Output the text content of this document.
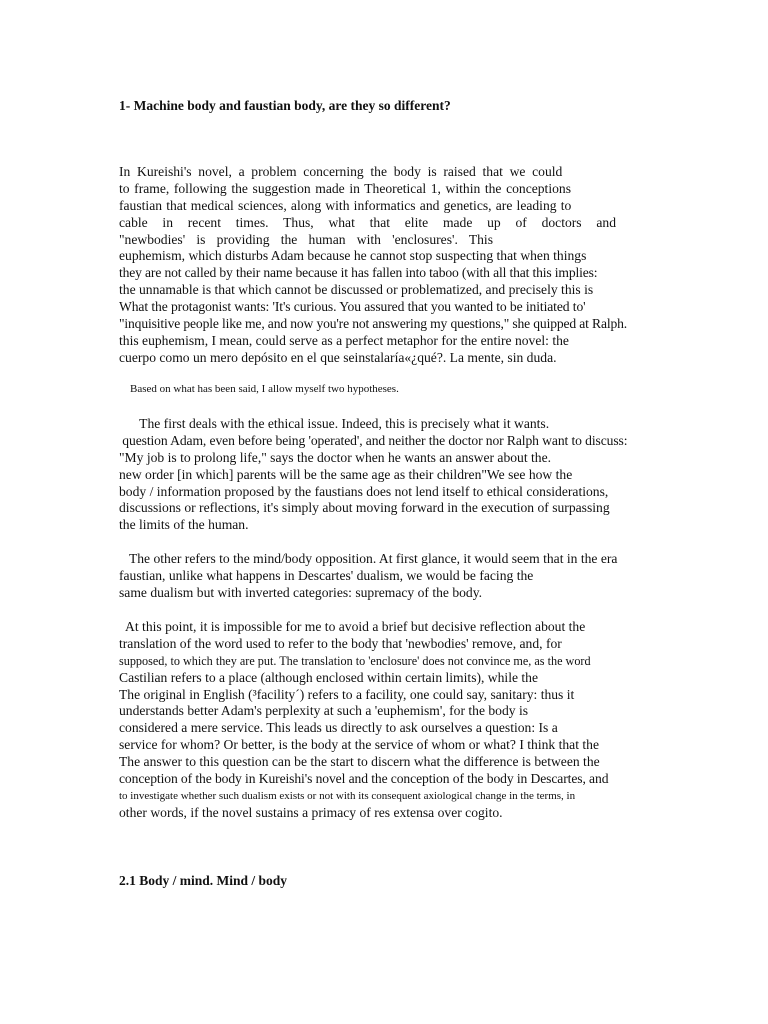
1- Machine body and faustian body, are they so different?
In Kureishi's novel, a problem concerning the body is raised that we could
to frame, following the suggestion made in Theoretical 1, within the conceptions
faustian that medical sciences, along with informatics and genetics, are leading to
cable in recent times. Thus, what that elite made up of doctors and
"newbodies' is providing the human with 'enclosures'. This
euphemism, which disturbs Adam because he cannot stop suspecting that when things
they are not called by their name because it has fallen into taboo (with all that this implies:
the unnamable is that which cannot be discussed or problematized, and precisely this is
What the protagonist wants: 'It's curious. You assured that you wanted to be initiated to'
"inquisitive people like me, and now you're not answering my questions," she quipped at Ralph.
this euphemism, I mean, could serve as a perfect metaphor for the entire novel: the
cuerpo como un mero depósito en el que seinstalaría«¿qué?. La mente, sin duda.
Based on what has been said, I allow myself two hypotheses.
The first deals with the ethical issue. Indeed, this is precisely what it wants.
question Adam, even before being 'operated', and neither the doctor nor Ralph want to discuss:
"My job is to prolong life," says the doctor when he wants an answer about the.
new order [in which] parents will be the same age as their children"We see how the
body / information proposed by the faustians does not lend itself to ethical considerations,
discussions or reflections, it's simply about moving forward in the execution of surpassing
the limits of the human.
The other refers to the mind/body opposition. At first glance, it would seem that in the era
faustian, unlike what happens in Descartes' dualism, we would be facing the
same dualism but with inverted categories: supremacy of the body.
At this point, it is impossible for me to avoid a brief but decisive reflection about the
translation of the word used to refer to the body that 'newbodies' remove, and, for
supposed, to which they are put. The translation to 'enclosure' does not convince me, as the word
Castilian refers to a place (although enclosed within certain limits), while the
The original in English (³facility´) refers to a facility, one could say, sanitary: thus it
understands better Adam's perplexity at such a 'euphemism', for the body is
considered a mere service. This leads us directly to ask ourselves a question: Is a
service for whom? Or better, is the body at the service of whom or what? I think that the
The answer to this question can be the start to discern what the difference is between the
conception of the body in Kureishi's novel and the conception of the body in Descartes, and
to investigate whether such dualism exists or not with its consequent axiological change in the terms, in
other words, if the novel sustains a primacy of res extensa over cogito.
2.1 Body / mind. Mind / body
